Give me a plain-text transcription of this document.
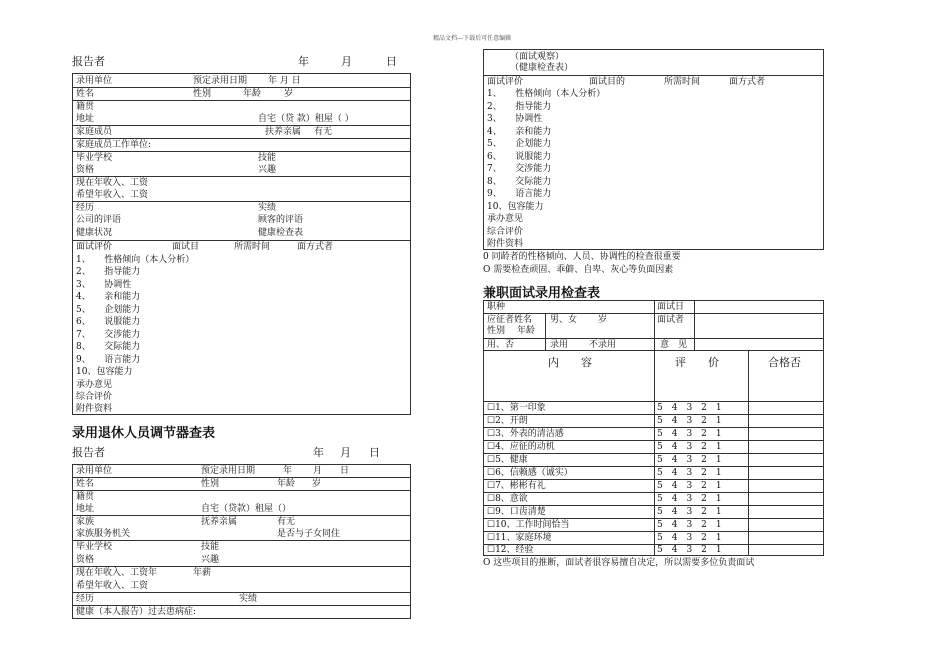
精品文档---下载后可任意编辑
报告者	年	月	日
录用单位	预定录用日期 年 月 日
姓名	性别	年龄	岁
籍贯
地址	自宅（贷 款）租屋（ ）
家庭成员	扶养亲属 有无
家庭成员工作单位:
毕业学校	技能
资格	兴趣
现在年收入、工资
希望年收入、工资
经历	实绩
公司的评语	顾客的评语
健康状况	健康检查表
面试评价	面试目	所需时间	面方式者
1、　　性格倾向（本人分析）
2、　　指导能力
3、　　协调性
4、　　亲和能力
5、　　企划能力
6、　　说服能力
7、　　交涉能力
8、　　交际能力
9、　　语言能力
10、包容能力
承办意见
综合评价
附件资料
录用退休人员调节器查表
报告者	年 月 日
录用单位	预定录用日期	年 月 日
姓名	性别	年龄 岁
籍贯
地址	自宅（贷款）租屋（）
家族	抚养亲属	有无
家族服务机关	是否与子女同住
毕业学校	技能
资格	兴趣
现在年收入、工资年	年薪
希望年收入、工资
经历	实绩
健康（本人报告）过去患病症:
（面试观察）
（健康检查表）
面试评价	面试目的	所需时间	面方式者
1、　　性格倾向（本人分析）
2、　　指导能力
3、　　协调性
4、　　亲和能力
5、　　企划能力
6、　　说服能力
7、　　交涉能力
8、　　交际能力
9、　　语言能力
10、包容能力
承办意见
综合评价
附件资料
0 同龄者的性格倾向、人员、协调性的检查很重要
O 需要检查顽固、乖僻、自卑、灰心等负面因素
兼职面试录用检查表
职种	面试日
应征者姓名 男、女 岁	面试者
性别 年龄
用、否	录用 不录用	意　见
内　　容	评　　价	合格否
☐1、第一印象	5　4　3　2　1
☐2、开朗	5　4　3　2　1
☐3、外表的清洁感	5　4　3　2　1
☐4、应征的动机	5　4　3　2　1
☐5、健康	5　4　3　2　1
☐6、信赖感（诚实）	5　4　3　2　1
☐7、彬彬有礼	5　4　3　2　1
☐8、意欲	5　4　3　2　1
☐9、口齿清楚	5　4　3　2　1
☐10、工作时间恰当	5　4　3　2　1
☐11、家庭环境	5　4　3　2　1
☐12、经验	5　4　3　2　1
O 这些项目的推断，面试者很容易擅自决定，所以需要多位负责面试
